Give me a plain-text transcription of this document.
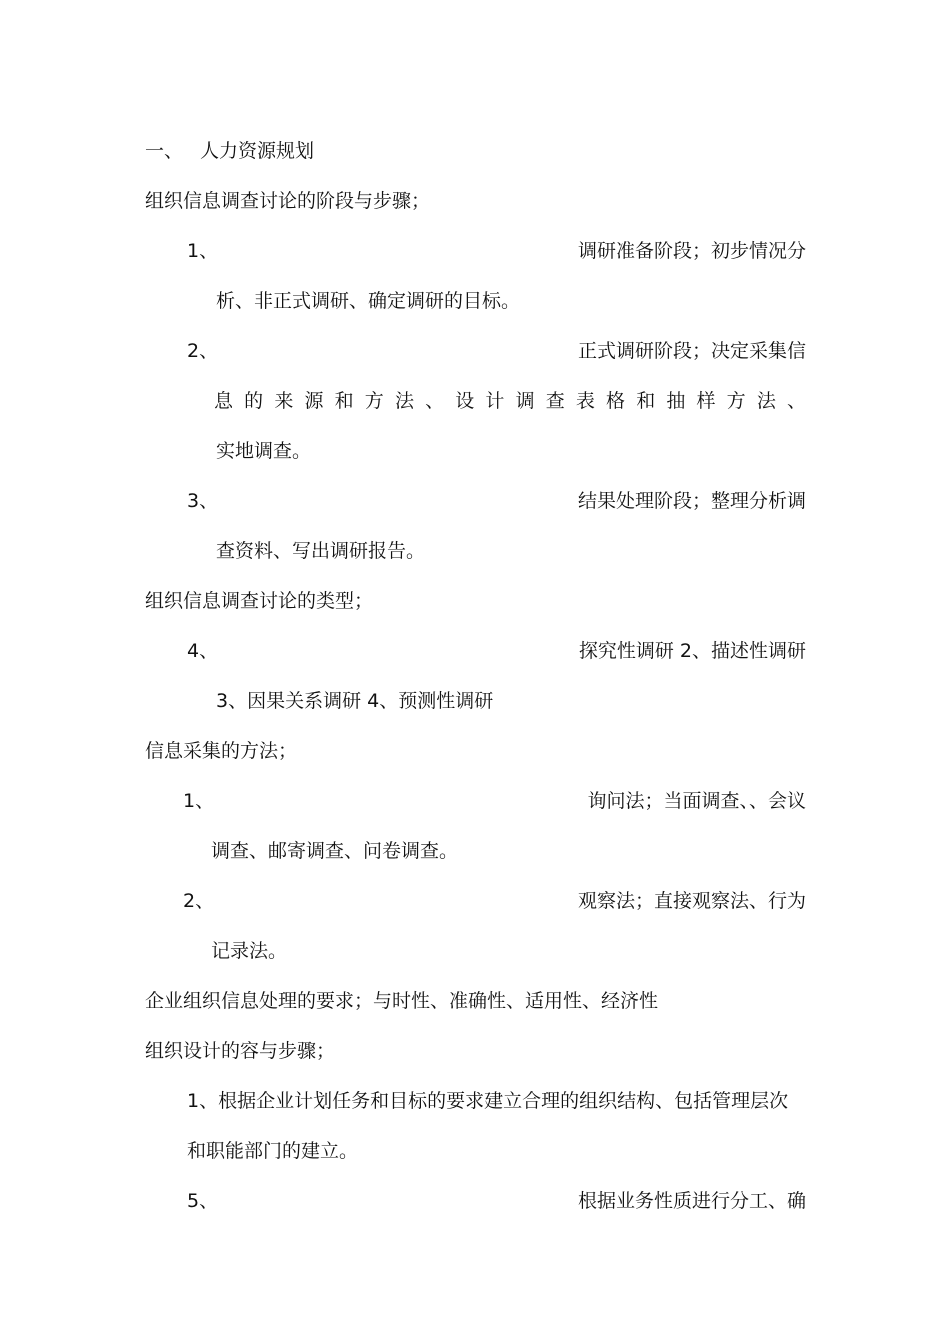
一、 人力资源规划
组织信息调查讨论的阶段与步骤；
1、	调研准备阶段；初步情况分
析、非正式调研、确定调研的目标。
2、	正式调研阶段；决定采集信
息 的 来 源 和 方 法 、 设 计 调 查 表 格 和 抽 样 方 法 、
实地调查。
3、	结果处理阶段；整理分析调
查资料、写出调研报告。
组织信息调查讨论的类型；
4、	探究性调研 2、描述性调研
3、因果关系调研 4、预测性调研
信息采集的方法；
1、	询问法；当面调查、、会议
调查、邮寄调查、问卷调查。
2、	观察法；直接观察法、行为
记录法。
企业组织信息处理的要求；与时性、准确性、适用性、经济性
组织设计的容与步骤；
1、根据企业计划任务和目标的要求建立合理的组织结构、包括管理层次
和职能部门的建立。
5、	根据业务性质进行分工、确
